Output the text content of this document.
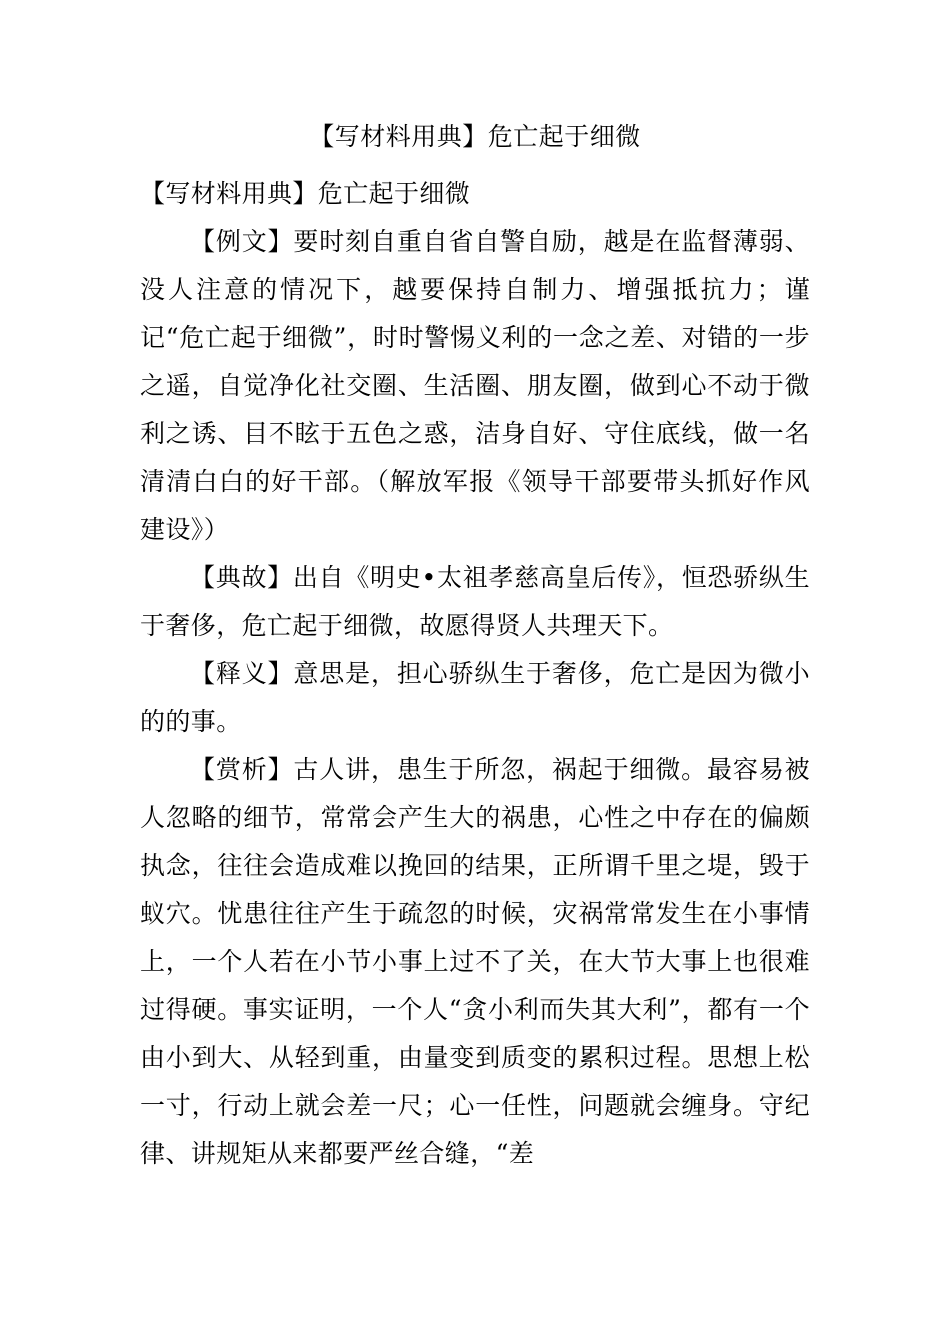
【写材料用典】危亡起于细微

【写材料用典】危亡起于细微

【例文】要时刻自重自省自警自励，越是在监督薄弱、没人注意的情况下，越要保持自制力、增强抵抗力；谨记“危亡起于细微”，时时警惕义利的一念之差、对错的一步之遥，自觉净化社交圈、生活圈、朋友圈，做到心不动于微利之诱、目不眩于五色之惑，洁身自好、守住底线，做一名清清白白的好干部。（解放军报《领导干部要带头抓好作风建设》）

【典故】出自《明史•太祖孝慈高皇后传》，恒恐骄纵生于奢侈，危亡起于细微，故愿得贤人共理天下。

【释义】意思是，担心骄纵生于奢侈，危亡是因为微小的的事。

【赏析】古人讲，患生于所忽，祸起于细微。最容易被人忽略的细节，常常会产生大的祸患，心性之中存在的偏颇执念，往往会造成难以挽回的结果，正所谓千里之堤，毁于蚁穴。忧患往往产生于疏忽的时候，灾祸常常发生在小事情上，一个人若在小节小事上过不了关，在大节大事上也很难过得硬。事实证明，一个人“贪小利而失其大利”，都有一个由小到大、从轻到重，由量变到质变的累积过程。思想上松一寸，行动上就会差一尺；心一任性，问题就会缠身。守纪律、讲规矩从来都要严丝合缝，“差
